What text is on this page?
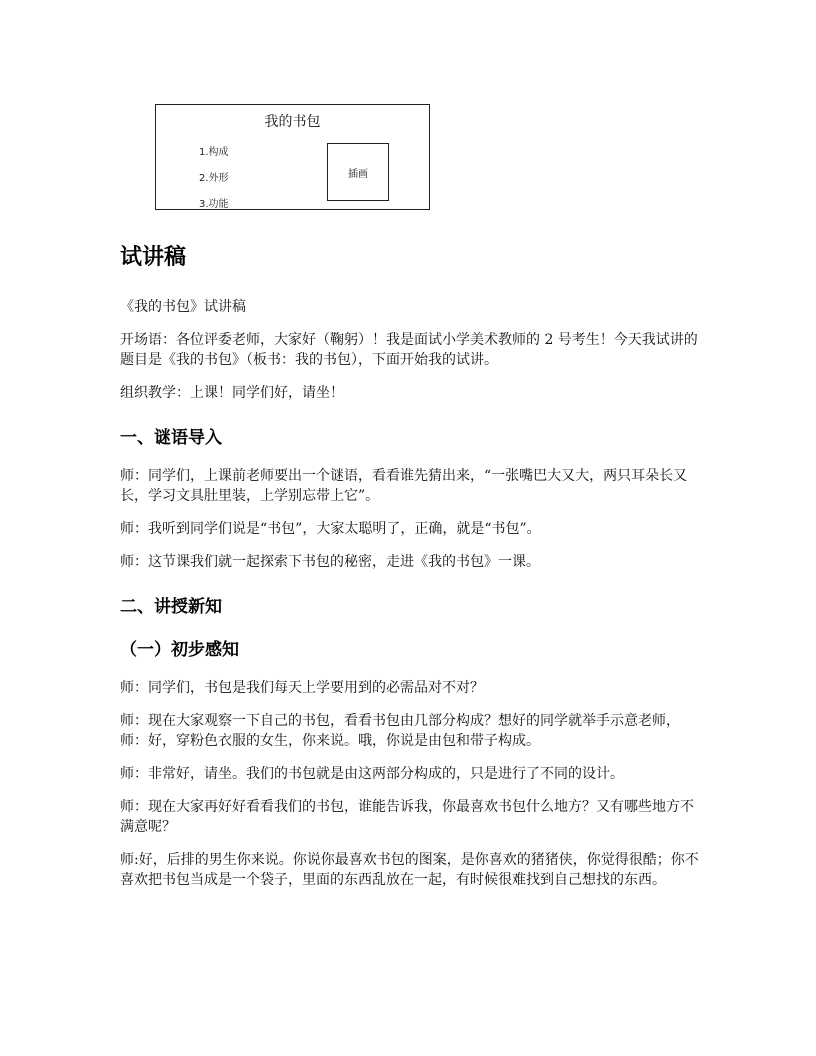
我的书包
1.构成
2.外形
3.功能
插画
试讲稿

《我的书包》试讲稿

开场语：各位评委老师，大家好（鞠躬）！我是面试小学美术教师的 2 号考生！今天我试讲的题目是《我的书包》（板书：我的书包），下面开始我的试讲。

组织教学：上课！同学们好，请坐！

一、谜语导入

师：同学们，上课前老师要出一个谜语，看看谁先猜出来，“一张嘴巴大又大，两只耳朵长又长，学习文具肚里装，上学别忘带上它”。

师：我听到同学们说是“书包”，大家太聪明了，正确，就是“书包”。

师：这节课我们就一起探索下书包的秘密，走进《我的书包》一课。

二、讲授新知
（一）初步感知

师：同学们，书包是我们每天上学要用到的必需品对不对？

师：现在大家观察一下自己的书包，看看书包由几部分构成？想好的同学就举手示意老师，师：好，穿粉色衣服的女生，你来说。哦，你说是由包和带子构成。

师：非常好，请坐。我们的书包就是由这两部分构成的，只是进行了不同的设计。

师：现在大家再好好看看我们的书包，谁能告诉我，你最喜欢书包什么地方？又有哪些地方不满意呢？

师:好，后排的男生你来说。你说你最喜欢书包的图案，是你喜欢的猪猪侠，你觉得很酷；你不喜欢把书包当成是一个袋子，里面的东西乱放在一起，有时候很难找到自己想找的东西。
